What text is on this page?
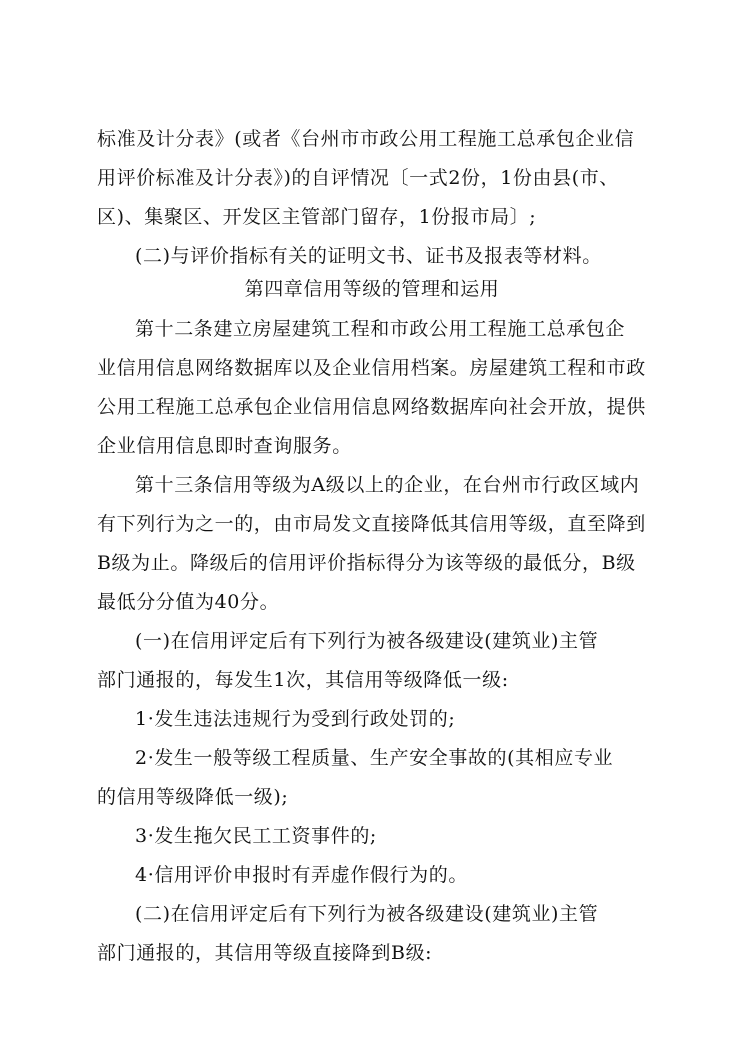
标准及计分表》(或者《台州市市政公用工程施工总承包企业信
用评价标准及计分表》)的自评情况〔一式2份，1份由县(市、
区)、集聚区、开发区主管部门留存，1份报市局〕;
(二)与评价指标有关的证明文书、证书及报表等材料。
第四章信用等级的管理和运用
第十二条建立房屋建筑工程和市政公用工程施工总承包企
业信用信息网络数据库以及企业信用档案。房屋建筑工程和市政
公用工程施工总承包企业信用信息网络数据库向社会开放，提供
企业信用信息即时查询服务。
第十三条信用等级为A级以上的企业，在台州市行政区域内
有下列行为之一的，由市局发文直接降低其信用等级，直至降到
B级为止。降级后的信用评价指标得分为该等级的最低分，B级
最低分分值为40分。
(一)在信用评定后有下列行为被各级建设(建筑业)主管
部门通报的，每发生1次，其信用等级降低一级:
1·发生违法违规行为受到行政处罚的;
2·发生一般等级工程质量、生产安全事故的(其相应专业
的信用等级降低一级);
3·发生拖欠民工工资事件的;
4·信用评价申报时有弄虚作假行为的。
(二)在信用评定后有下列行为被各级建设(建筑业)主管
部门通报的，其信用等级直接降到B级:
